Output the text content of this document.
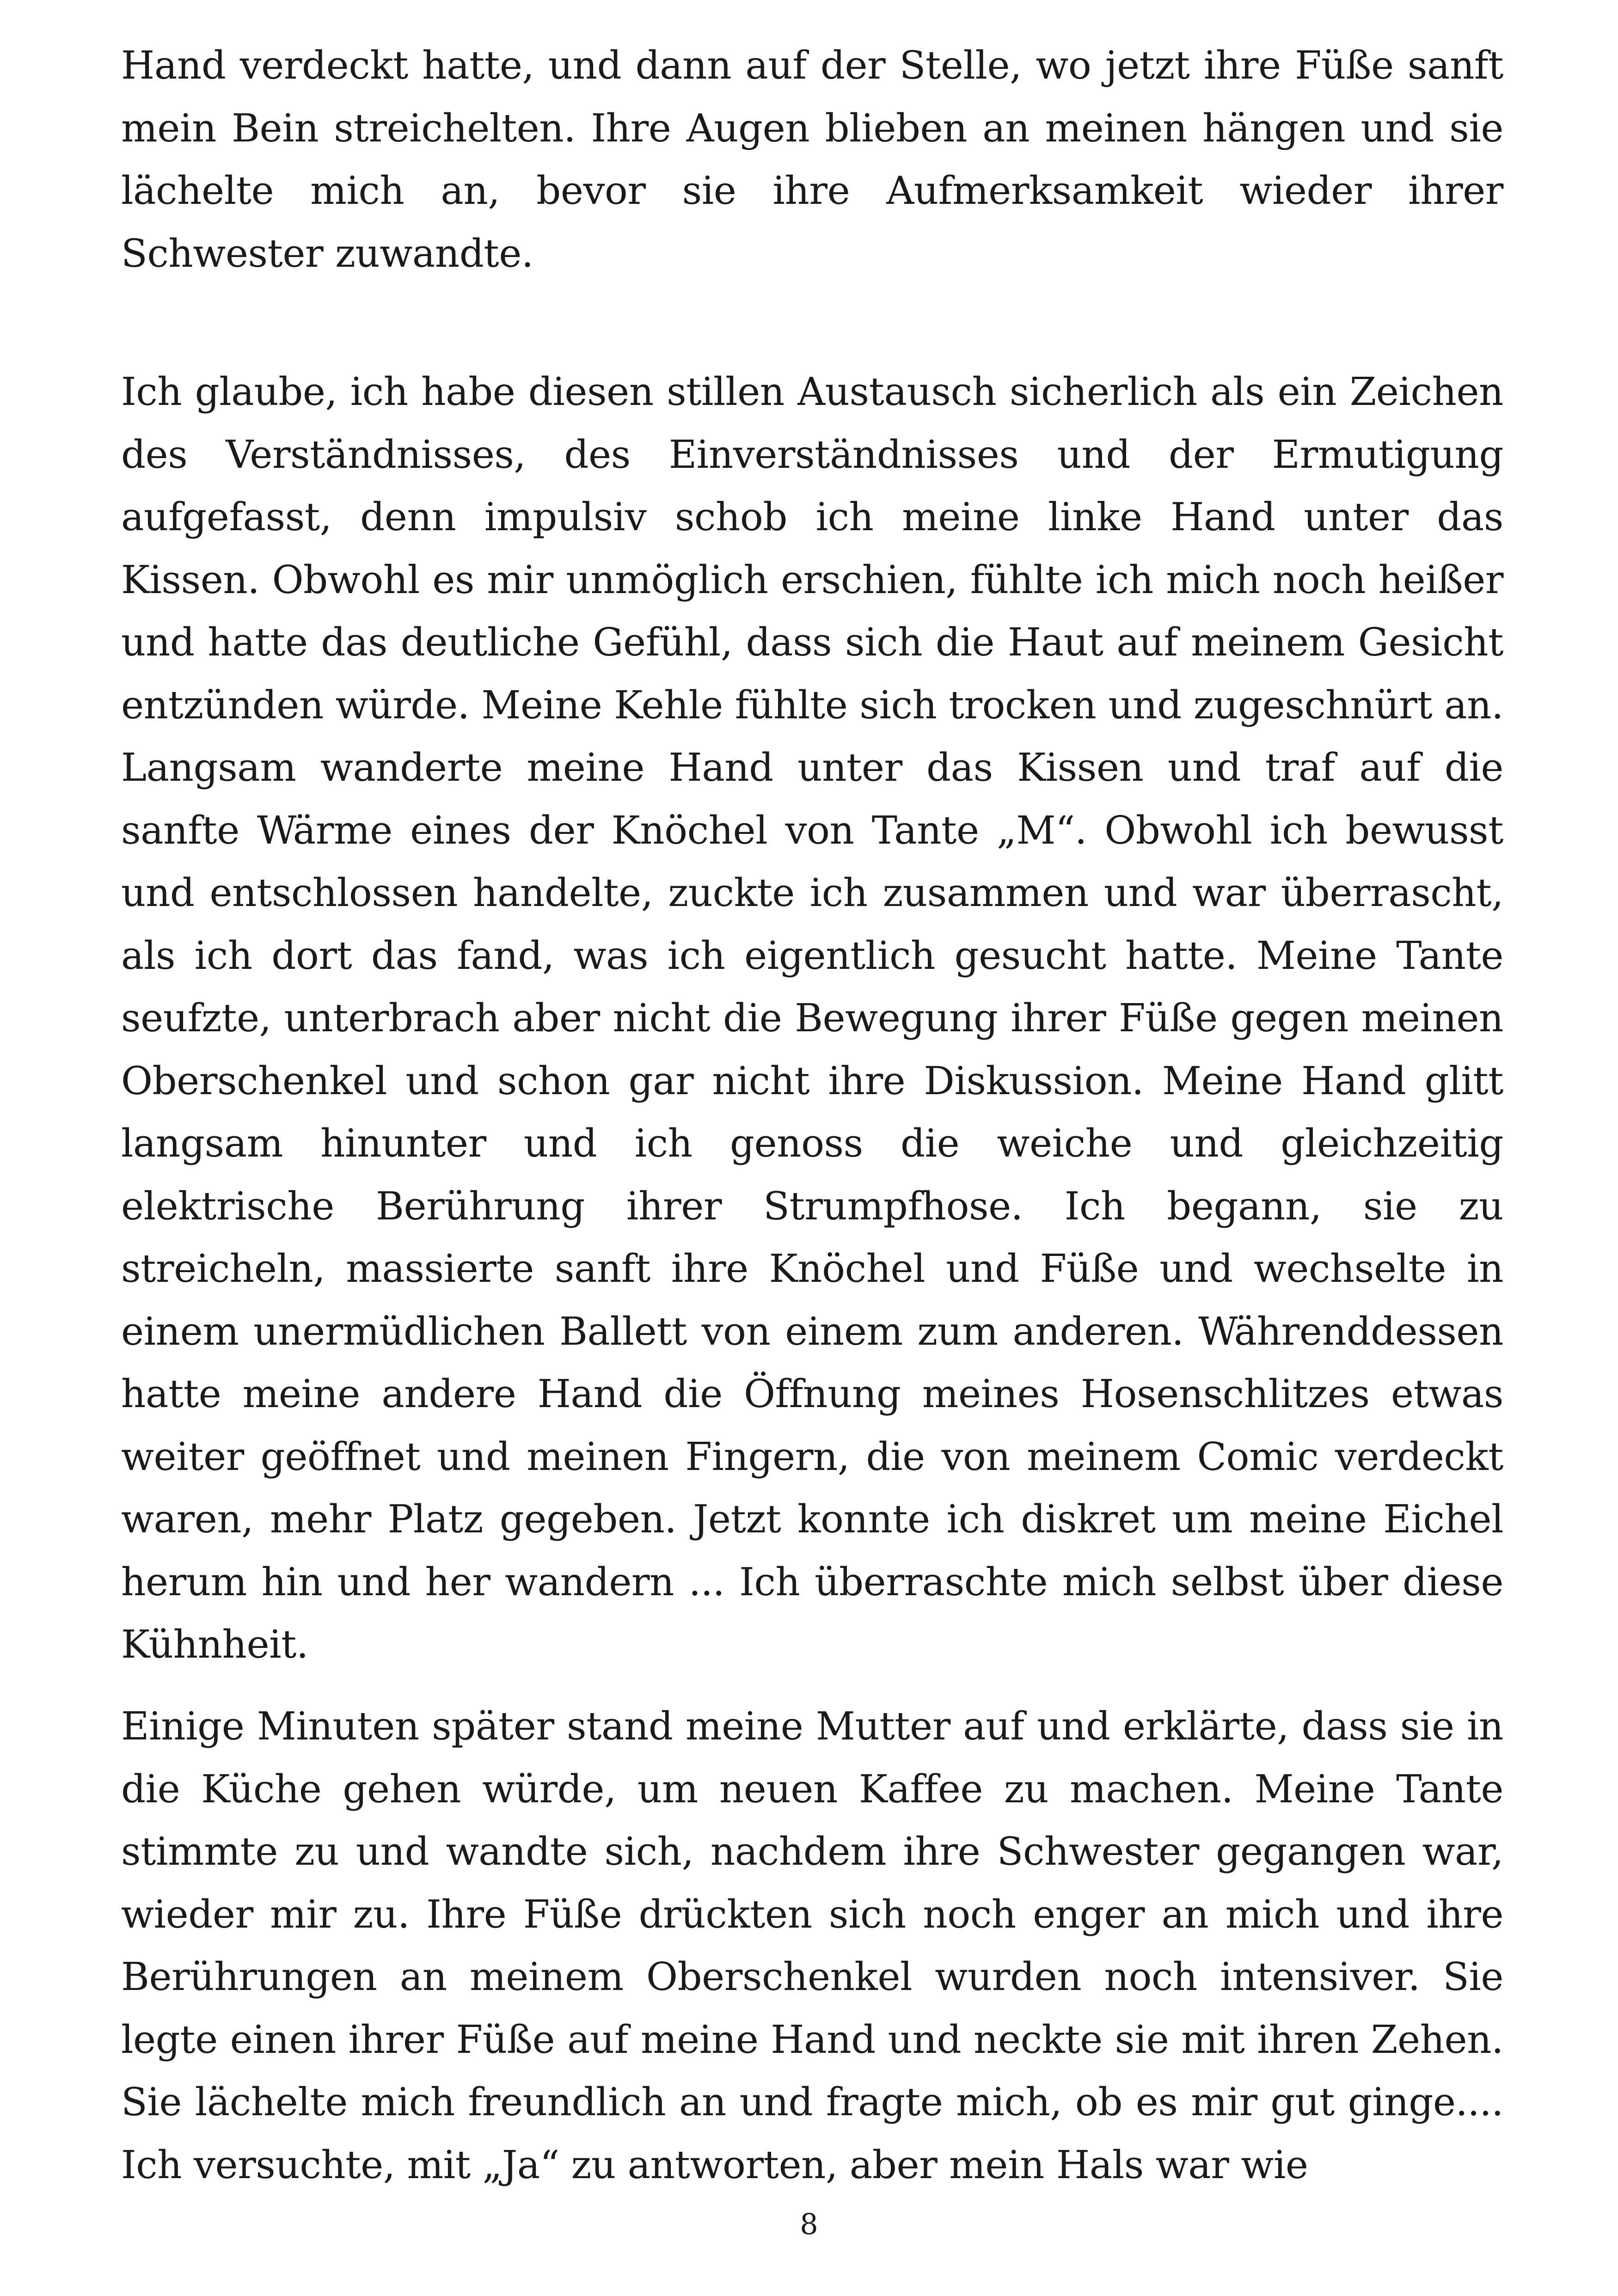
Hand verdeckt hatte, und dann auf der Stelle, wo jetzt ihre Füße sanft mein Bein streichelten. Ihre Augen blieben an meinen hängen und sie lächelte mich an, bevor sie ihre Aufmerksamkeit wieder ihrer Schwester zuwandte.

Ich glaube, ich habe diesen stillen Austausch sicherlich als ein Zeichen des Verständnisses, des Einverständnisses und der Ermutigung aufgefasst, denn impulsiv schob ich meine linke Hand unter das Kissen. Obwohl es mir unmöglich erschien, fühlte ich mich noch heißer und hatte das deutliche Gefühl, dass sich die Haut auf meinem Gesicht entzünden würde. Meine Kehle fühlte sich trocken und zugeschnürt an. Langsam wanderte meine Hand unter das Kissen und traf auf die sanfte Wärme eines der Knöchel von Tante „M“. Obwohl ich bewusst und entschlossen handelte, zuckte ich zusammen und war überrascht, als ich dort das fand, was ich eigentlich gesucht hatte. Meine Tante seufzte, unterbrach aber nicht die Bewegung ihrer Füße gegen meinen Oberschenkel und schon gar nicht ihre Diskussion. Meine Hand glitt langsam hinunter und ich genoss die weiche und gleichzeitig elektrische Berührung ihrer Strumpfhose. Ich begann, sie zu streicheln, massierte sanft ihre Knöchel und Füße und wechselte in einem unermüdlichen Ballett von einem zum anderen. Währenddessen hatte meine andere Hand die Öffnung meines Hosenschlitzes etwas weiter geöffnet und meinen Fingern, die von meinem Comic verdeckt waren, mehr Platz gegeben. Jetzt konnte ich diskret um meine Eichel herum hin und her wandern ... Ich überraschte mich selbst über diese Kühnheit.

Einige Minuten später stand meine Mutter auf und erklärte, dass sie in die Küche gehen würde, um neuen Kaffee zu machen. Meine Tante stimmte zu und wandte sich, nachdem ihre Schwester gegangen war, wieder mir zu. Ihre Füße drückten sich noch enger an mich und ihre Berührungen an meinem Oberschenkel wurden noch intensiver. Sie legte einen ihrer Füße auf meine Hand und neckte sie mit ihren Zehen. Sie lächelte mich freundlich an und fragte mich, ob es mir gut ginge.... Ich versuchte, mit „Ja“ zu antworten, aber mein Hals war wie

8
